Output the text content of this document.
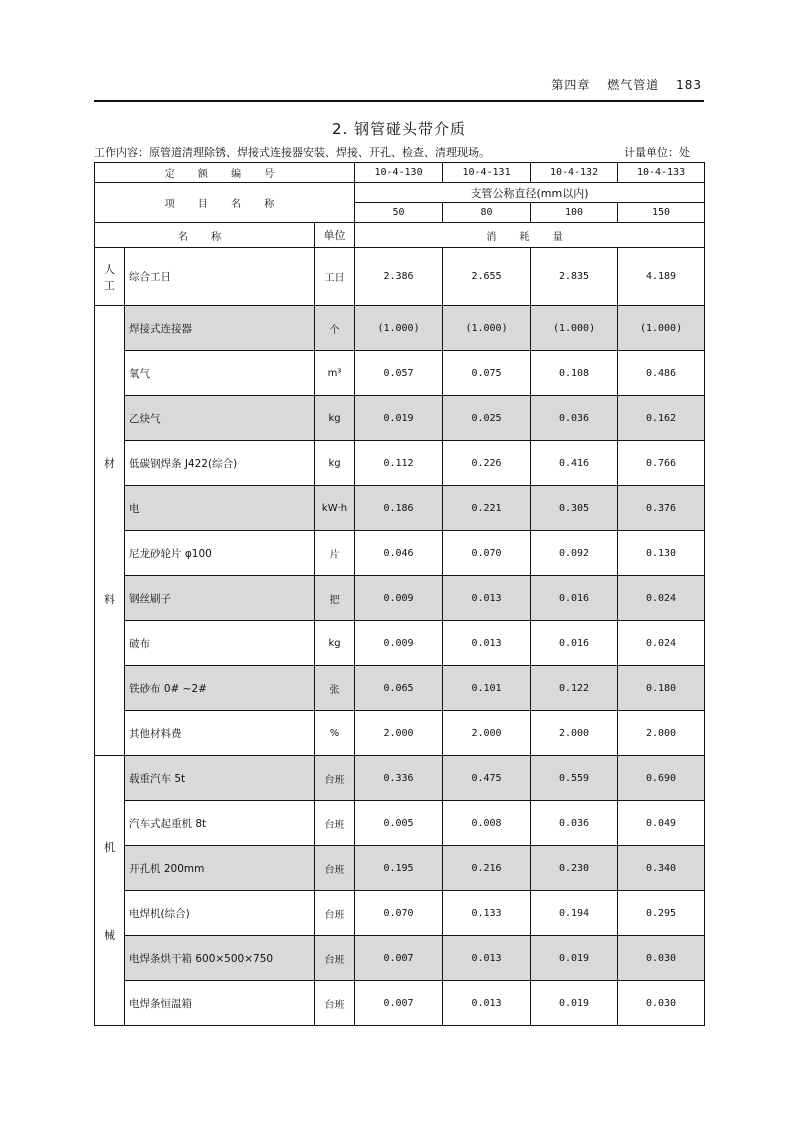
第四章 燃气管道 183
2. 钢管碰头带介质
工作内容：原管道清理除锈、焊接式连接器安装、焊接、开孔、检查、清理现场。	计量单位：处
定 额 编 号			10-4-130	10-4-131	10-4-132	10-4-133
项 目 名 称			支管公称直径(mm以内)			
			50	80	100	150
名 称		单位	消 耗 量			

人
工	综合工日	工日	2.386	2.655	2.835	4.189

材
料	焊接式连接器	个	(1.000)	(1.000)	(1.000)	(1.000)
	氧气	m³	0.057	0.075	0.108	0.486
	乙炔气	kg	0.019	0.025	0.036	0.162
	低碳钢焊条 J422(综合)	kg	0.112	0.226	0.416	0.766
	电	kW·h	0.186	0.221	0.305	0.376
	尼龙砂轮片 φ100	片	0.046	0.070	0.092	0.130
	钢丝刷子	把	0.009	0.013	0.016	0.024
	破布	kg	0.009	0.013	0.016	0.024
	铁砂布 0# ~2#	张	0.065	0.101	0.122	0.180
	其他材料费	%	2.000	2.000	2.000	2.000

机
械	载重汽车 5t	台班	0.336	0.475	0.559	0.690
	汽车式起重机 8t	台班	0.005	0.008	0.036	0.049
	开孔机 200mm	台班	0.195	0.216	0.230	0.340
	电焊机(综合)	台班	0.070	0.133	0.194	0.295
	电焊条烘干箱 600×500×750	台班	0.007	0.013	0.019	0.030
	电焊条恒温箱	台班	0.007	0.013	0.019	0.030
